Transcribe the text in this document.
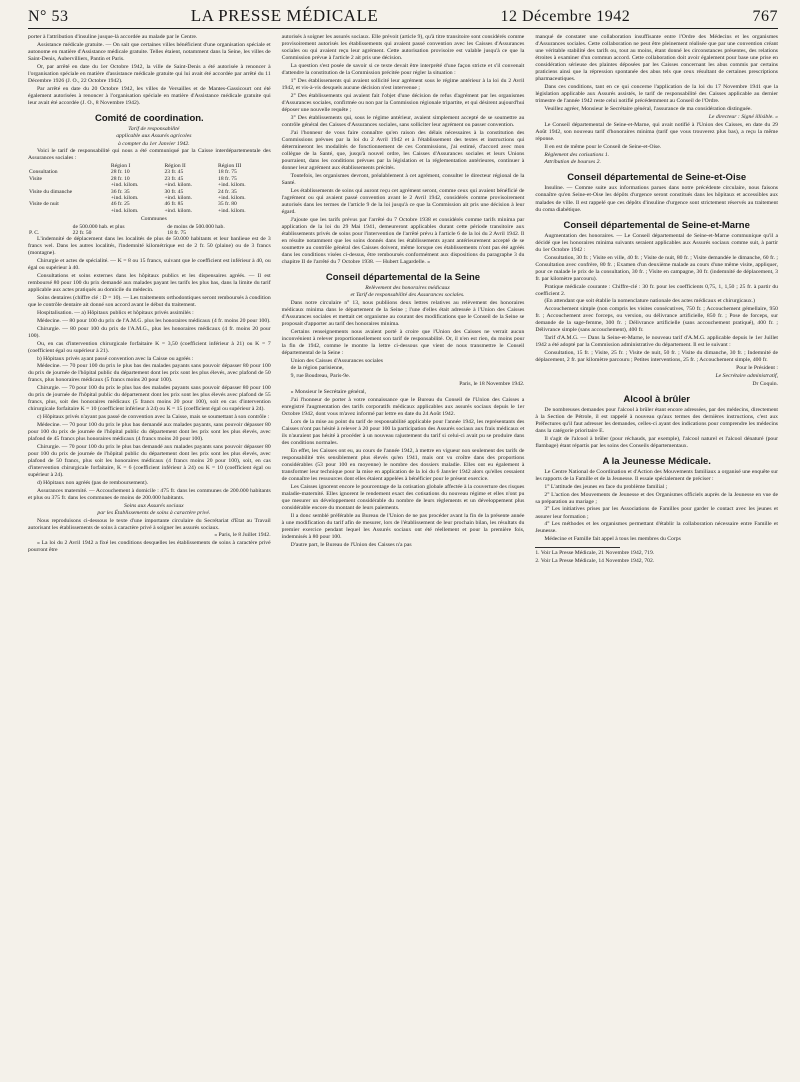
N° 53	LA PRESSE MÉDICALE	12 Décembre 1942	767

porter à l'attribution d'insuline jusque-là accordée au malade par le Centre.

Assistance médicale gratuite. — On sait que certaines villes bénéficient d'une organisation spéciale et autonome en matière d'Assistance médicale gratuite. Telles étaient, notamment dans la Seine, les villes de Saint-Denis, Aubervilliers, Pantin et Paris.

Or, par arrêté en date du 1er Octobre 1942, la ville de Saint-Denis a été autorisée à renoncer à l'organisation spéciale en matière d'assistance médicale gratuite qui lui avait été accordée par arrêté du 11 Décembre 1926 (J. O., 22 Octobre 1942).

Par arrêté en date du 20 Octobre 1942, les villes de Versailles et de Mantes-Gassicourt ont été également autorisées à renoncer à l'organisation spéciale en matière d'Assistance médicale gratuite qui leur avait été accordée (J. O., 8 Novembre 1942).

Comité de coordination.

Tarif de responsabilité

applicable aux Assurés agricoles

à compter du 1er Janvier 1942.

Voici le tarif de responsabilité qui nous a été communiqué par la Caisse interdépartementale des Assurances sociales :

	Région I	Région II	Région III
Consultation	28 fr. 10	23 fr. 45	18 fr. 75
Visite	28 fr. 10	23 fr. 45	18 fr. 75
	+ind. kilom.	+ind. kilom.	+ind. kilom.
Visite du dimanche	36 fr. 35	30 fr. 45	24 fr. 35
	+ind. kilom.	+ind. kilom.	+ind. kilom.
Visite de nuit	46 fr. 25	46 fr. 85	35 fr. 80
	+ind. kilom.	+ind. kilom.	+ind. kilom.

Communes

	de 500.000 hab. et plus	de moins de 500.000 hab.
P. C.	22 fr. 50	18 fr. 75

L'indemnité de déplacement dans les localités de plus de 50.000 habitants et leur banlieue est de 3 francs wel. Dans les autres localités, l'indemnité kilométrique est de 2 fr. 50 (plaine) ou de 3 francs (montagne).

Chirurgie et actes de spécialité. — K = 8 ou 15 francs, suivant que le coefficient est inférieur à 40, ou égal ou supérieur à 40.

Consultations et soins externes dans les hôpitaux publics et les dispensaires agréés. — Il est remboursé 80 pour 100 du prix demandé aux malades payant les tarifs les plus bas, dans la limite du tarif applicable aux actes pratiqués au domicile du médecin.

Soins dentaires (chiffre clé : D = 10). — Les traitements orthodontiques seront remboursés à condition que le contrôle dentaire ait donné son accord avant le début du traitement.

Hospitalisation. — a) Hôpitaux publics et hôpitaux privés assimilés :

Médecine. — 80 pour 100 du prix de l'A.M.G. plus les honoraires médicaux (4 fr. moins 20 pour 100).

Chirurgie. — 80 pour 100 du prix de l'A.M.G., plus les honoraires médicaux (4 fr. moins 20 pour 100).

Ou, en cas d'intervention chirurgicale forfaitaire K = 3,50 (coefficient inférieur à 21) ou K = 7 (coefficient égal ou supérieur à 21).

b) Hôpitaux privés ayant passé convention avec la Caisse ou agréés :

Médecine. — 70 pour 100 du prix le plus bas des malades payants sans pouvoir dépasser 80 pour 100 du prix de journée de l'hôpital public du département dont les prix sont les plus élevés, avec plafond de 50 francs, plus honoraires médicaux (5 francs moins 20 pour 100).

Chirurgie. — 70 pour 100 du prix le plus bas des malades payants sans pouvoir dépasser 80 pour 100 du prix de journée de l'hôpital public du département dont les prix sont les plus élevés avec plafond de 55 francs, plus, soit des honoraires médicaux (5 francs moins 20 pour 100), soit en cas d'intervention chirurgicale forfaitaire K = 10 (coefficient inférieur à 24) ou K = 15 (coefficient égal ou supérieur à 24).

c) Hôpitaux privés n'ayant pas passé de convention avec la Caisse, mais se soumettant à son contrôle :

Médecine. — 70 pour 100 du prix le plus bas demandé aux malades payants, sans pouvoir dépasser 80 pour 100 du prix de journée de l'hôpital public du département dont les prix sont les plus élevés, avec plafond de 45 francs plus honoraires médicaux (4 francs moins 20 pour 100).

Chirurgie. — 70 pour 100 du prix le plus bas demandé aux malades payants sans pouvoir dépasser 80 pour 100 du prix de journée de l'hôpital public du département dont les prix sont les plus élevés, avec plafond de 50 francs, plus soit les honoraires médicaux (4 francs moins 20 pour 100), soit, en cas d'intervention chirurgicale forfaitaire, K = 6 (coefficient inférieur à 24) ou K = 10 (coefficient égal ou supérieur à 24).

d) Hôpitaux non agréés (pas de remboursement).

Assurances maternité. — Accouchement à domicile : 475 fr. dans les communes de 200.000 habitants et plus ou 375 fr. dans les communes de moins de 200.000 habitants.

Soins aux Assurés sociaux

par les Établissements de soins à caractère privé.

Nous reproduisons ci-dessous le texte d'une importante circulaire du Secrétariat d'Etat au Travail autorisant les établissements de soins à caractère privé à soigner les assurés sociaux.

« Paris, le 8 Juillet 1942.

« La loi du 2 Avril 1942 a fixé les conditions desquelles les établissements de soins à caractère privé pourront être

autorisés à soigner les assurés sociaux. Elle prévoit (article 9), qu'à titre transitoire sont considérés comme provisoirement autorisés les établissements qui avaient passé convention avec les Caisses d'Assurances sociales ou qui avaient reçu leur agrément. Cette autorisation provisoire est valable jusqu'à ce que la Commission prévue à l'article 2 ait pris une décision.

La question s'est posée de savoir si ce texte devait être interprété d'une façon stricte et s'il convenait d'attendre la constitution de la Commission précitée pour régler la situation :

1° Des établissements qui avaient sollicité leur agrément sous le régime antérieur à la loi du 2 Avril 1942, et vis-à-vis desquels aucune décision n'est intervenue ;

2° Des établissements qui avaient fait l'objet d'une décision de refus d'agrément par les organismes d'Assurances sociales, confirmée ou non par la Commission régionale tripartite, et qui désirent aujourd'hui déposer une nouvelle requête ;

3° Des établissements qui, sous le régime antérieur, avaient simplement accepté de se soumettre au contrôle général des Caisses d'Assurances sociales, sans solliciter leur agrément ou passer convention.

J'ai l'honneur de vous faire connaître qu'en raison des délais nécessaires à la constitution des Commissions prévues par la loi du 2 Avril 1942 et à l'établissement des textes et instructions qui détermineront les modalités de fonctionnement de ces Commissions, j'ai estimé, d'accord avec mon collègue de la Santé, que, jusqu'à nouvel ordre, les Caisses d'Assurances sociales et leurs Unions pourraient, dans les conditions prévues par la législation et la réglementation antérieures, continuer à donner leur agrément aux établissements précités.

Toutefois, les organismes devront, préalablement à cet agrément, consulter le directeur régional de la Santé.

Les établissements de soins qui auront reçu cet agrément seront, comme ceux qui avaient bénéficié de l'agrément ou qui avaient passé convention avant le 2 Avril 1942, considérés comme provisoirement autorisés dans les termes de l'article 9 de la loi jusqu'à ce que la Commission ait pris une décision à leur égard.

J'ajoute que les tarifs prévus par l'arrêté du 7 Octobre 1938 et considérés comme tarifs minima par application de la loi du 29 Mai 1941, demeureront applicables durant cette période transitoire aux établissements privés de soins pour l'intervention de l'arrêté prévu à l'article 6 de la loi du 2 Avril 1942. Il en résulte notamment que les soins donnés dans les établissements ayant antérieurement accepté de se soumettre au contrôle général des Caisses doivent, même lorsque ces établissements n'ont pas été agréés dans les conditions visées ci-dessus, être remboursés conformément aux dispositions du paragraphe 3 du chapitre II de l'arrêté du 7 Octobre 1938. — Hubert Lagardelle. »

Conseil départemental de la Seine

Relèvement des honoraires médicaux

et Tarif de responsabilité des Assurances sociales.

Dans notre circulaire n° 13, nous publiions deux lettres relatives au relèvement des honoraires médicaux minima dans le département de la Seine ; l'une d'elles était adressée à l'Union des Caisses d'Assurances sociales et mettait cet organisme au courant des modifications que le Conseil de la Seine se proposait d'apporter au tarif des honoraires minima.

Certains renseignements nous avaient porté à croire que l'Union des Caisses ne verrait aucun inconvénient à relever proportionnellement son tarif de responsabilité. Or, il n'en est rien, du moins pour la fin de 1942, comme le montre la lettre ci-dessous que vient de nous transmettre le Conseil départemental de la Seine :

Union des Caisses d'Assurances sociales

de la région parisienne,

9, rue Boudreau, Paris-9e.

Paris, le 18 Novembre 1942.

« Monsieur le Secrétaire général,

J'ai l'honneur de porter à votre connaissance que le Bureau du Conseil de l'Union des Caisses a enregistré l'augmentation des tarifs corporatifs médicaux applicables aux assurés sociaux depuis le 1er Octobre 1942, dont vous m'avez informé par lettre en date du 24 Août 1942.

Lors de la mise au point du tarif de responsabilité applicable pour l'année 1942, les représentants des Caisses n'ont pas hésité à relever à 20 pour 100 la participation des Assurés sociaux aux frais médicaux et ils n'auraient pas hésité à procéder à un nouveau rajustement du tarif si celui-ci avait pu se produire dans des conditions normales.

En effet, les Caisses ont eu, au cours de l'année 1942, à mettre en vigueur non seulement des tarifs de responsabilité très sensiblement plus élevés qu'en 1941, mais ont vu croître dans des proportions considérables (53 pour 100 en moyenne) le nombre des dossiers maladie. Elles ont eu également à transformer leur technique pour la mise en application de la loi du 6 Janvier 1942 alors qu'elles cessaient de connaître les ressources dont elles étaient appelées à bénéficier pour le présent exercice.

Les Caisses ignorent encore le pourcentage de la cotisation globale affectée à la couverture des risques maladie-maternité. Elles ignorent le rendement exact des cotisations du nouveau régime et elles n'ont pu que mesurer un développement considérable du nombre de leurs règlements et un développement plus considérable encore du montant de leurs paiements.

Il a donc semblé préférable au Bureau de l'Union de ne pas procéder avant la fin de la présente année à une modification du tarif afin de mesurer, lors de l'établissement de leur prochain bilan, les résultats du premier exercice pendant lequel les Assurés sociaux ont été réellement et pour la première fois, indemnisés à 80 pour 100.

D'autre part, le Bureau de l'Union des Caisses n'a pas

manqué de constater une collaboration insuffisante entre l'Ordre des Médecins et les organismes d'Assurances sociales. Cette collaboration ne peut être pleinement réalisée que par une convention créant une véritable stabilité des tarifs ou, tout au moins, étant donné les circonstances présentes, des relations étroites à examiner d'un commun accord. Cette collaboration doit avoir également pour base une prise en considération sérieuse des plaintes déposées par les Caisses concernant les abus commis par certains praticiens ainsi que la répression spontanée des abus tels que ceux résultant de certaines prescriptions pharmaceutiques.

Dans ces conditions, tant en ce qui concerne l'application de la loi du 17 Novembre 1941 que la législation applicable aux Assurés assistés, le tarif de responsabilité des Caisses applicable au dernier trimestre de l'année 1942 reste celui notifié précédemment au Conseil de l'Ordre.

Veuillez agréer, Monsieur le Secrétaire général, l'assurance de ma considération distinguée.

Le directeur : Signé illisible. »

Le Conseil départemental de Seine-et-Marne, qui avait notifié à l'Union des Caisses, en date du 29 Août 1942, son nouveau tarif d'honoraires minima (tarif que vous trouverez plus bas), a reçu la même réponse.

Il en est de même pour le Conseil de Seine-et-Oise.

Règlement des cotisations 1.

Attribution de bourses 2.

Conseil départemental de Seine-et-Oise

Insuline. — Comme suite aux informations parues dans notre précédente circulaire, nous faisons connaître qu'en Seine-et-Oise les dépôts d'urgence seront constitués dans les hôpitaux et accessibles aux malades de ville. Il est rappelé que ces dépôts d'insuline d'urgence sont strictement réservés au traitement du coma diabétique.

Conseil départemental de Seine-et-Marne

Augmentation des honoraires. — Le Conseil départemental de Seine-et-Marne communique qu'il a décidé que les honoraires minima suivants seraient applicables aux Assurés sociaux comme suit, à partir du 1er Octobre 1942 :

Consultation, 30 fr. ; Visite en ville, 40 fr. ; Visite de nuit, 80 fr. ; Visite demandée le dimanche, 60 fr. ; Consultation avec confrère, 80 fr. ; Examen d'un deuxième malade au cours d'une même visite, appliquer, pour ce malade le prix de la consultation, 30 fr. ; Visite en campagne, 30 fr. (indemnité de déplacement, 3 fr. par kilomètre parcouru).

Pratique médicale courante : Chiffre-clé : 30 fr. pour les coefficients 0,75, 1, 1,50 ; 25 fr. à partir du coefficient 2.

(En attendant que soit établie la nomenclature nationale des actes médicaux et chirurgicaux.)

Accouchement simple (non compris les visites consécutives, 750 fr. ; Accouchement gémellaire, 950 fr. ; Accouchement avec forceps, ou version, ou délivrance artificielle, 850 fr. ; Pose de forceps, sur demande de la sage-femme, 300 fr. ; Délivrance artificielle (sans accouchement pratiqué), 400 fr. ; Délivrance simple (sans accouchement), 400 fr.

Tarif d'A.M.G. — Dans la Seine-et-Marne, le nouveau tarif d'A.M.G. applicable depuis le 1er Juillet 1942 a été adopté par la Commission administrative du département. Il est le suivant :

Consultation, 15 fr. ; Visite, 25 fr. ; Visite de nuit, 50 fr. ; Visite du dimanche, 30 fr. ; Indemnité de déplacement, 2 fr. par kilomètre parcouru ; Petites interventions, 25 fr. ; Accouchement simple, 400 fr.

Pour le Président :

Le Secrétaire administratif,

Dr Coquin.

Alcool à brûler

De nombreuses demandes pour l'alcool à brûler étant encore adressées, par des médecins, directement à la Section de Pétrole, il est rappelé à nouveau qu'aux termes des dernières instructions, c'est aux Préfectures qu'il faut adresser les demandes, celles-ci ayant des indications pour comprendre les médecins dans la catégorie prioritaire E.

Il s'agit de l'alcool à brûler (pour réchauds, par exemple), l'alcool naturel et l'alcool dénaturé (pour flambage) étant répartis par les soins des Conseils départementaux.

A la Jeunesse Médicale.

Le Centre National de Coordination et d'Action des Mouvements familiaux a organisé une enquête sur les rapports de la Famille et de la Jeunesse. Il essaie spécialement de préciser :

1° L'attitude des jeunes en face du problème familial ;

2° L'action des Mouvements de Jeunesse et des Organismes officiels auprès de la Jeunesse en vue de sa préparation au mariage ;

3° Les initiatives prises par les Associations de Familles pour garder le contact avec les jeunes et assurer leur formation ;

4° Les méthodes et les organismes permettant d'établir la collaboration nécessaire entre Famille et Jeunesse.

Médecine et Famille fait appel à tous les membres du Corps

1. Voir La Presse Médicale, 21 Novembre 1942, 719.

2. Voir La Presse Médicale, 14 Novembre 1942, 702.
